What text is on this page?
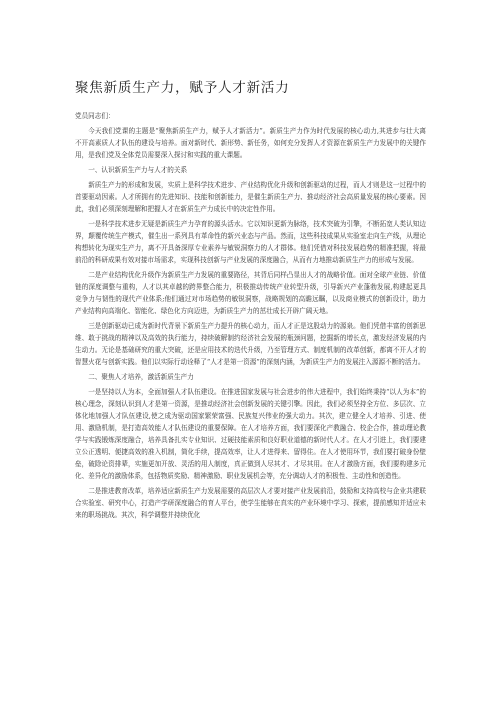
聚焦新质生产力，赋予人才新活力

党员同志们：

今天我们党课的主题是“聚焦新质生产力，赋予人才新活力”。新质生产力作为时代发展的核心动力,其进步与壮大离不开高素质人才队伍的建设与培养。面对新时代、新形势、新任务，如何充分发挥人才资源在新质生产力发展中的关键作用，是我们党及全体党员需要深入探讨和实践的重大课题。

一、认识新质生产力与人才的关系

新质生产力的形成和发展，实质上是科学技术进步、产业结构优化升级和创新驱动的过程，而人才则是这一过程中的首要驱动因素。人才所拥有的先进知识、技能和创新能力，是催生新质生产力、推动经济社会高质量发展的核心要素。因此，我们必须深刻理解和把握人才在新质生产力成长中的决定性作用。

一是科学技术进步无疑是新质生产力孕育的源头活水。它以知识更新为脉络，技术突破为引擎，不断拓宽人类认知边界，颠覆传统生产模式，催生出一系列具有革命性的新兴业态与产品。然而，这些科技成果从实验室走向生产线，从理论构想转化为现实生产力，离不开具备深厚专业素养与敏锐洞察力的人才群体。他们凭借对科技发展趋势的精准把握，将最前沿的科研成果有效对接市场需求，实现科技创新与产业发展的深度融合，从而有力地推动新质生产力的形成与发展。

二是产业结构优化升级作为新质生产力发展的重要路径，其背后同样凸显出人才的战略价值。面对全球产业链、价值链的深度调整与重构，人才以其卓越的跨界整合能力，积极推动传统产业转型升级，引导新兴产业蓬勃发展,构建起更具竞争力与韧性的现代产业体系;他们通过对市场趋势的敏锐洞察，战略规划的高瞻远瞩，以及商业模式的创新设计，助力产业结构向高端化、智能化、绿色化方向迈进，为新质生产力的茁壮成长开辟广阔天地。

三是创新驱动已成为新时代背景下新质生产力提升的核心动力，而人才正是这股动力的源泉。他们凭借丰富的创新思维、敢于挑战的精神以及高效的执行能力，持续破解制约经济社会发展的瓶颈问题，挖掘新的增长点，激发经济发展的内生动力。无论是基础研究的重大突破，还是应用技术的迭代升级，乃至管理方式、制度机制的改革创新，都离不开人才的智慧火花与创新实践。他们以实际行动诠释了“人才是第一资源”的深刻内涵，为新质生产力的发展注入源源不断的活力。

二、聚焦人才培养，激活新质生产力

一是坚持以人为本，全面加强人才队伍建设。在推进国家发展与社会进步的伟大进程中，我们始终秉持“以人为本”的核心理念，深刻认识到人才是第一资源，是推动经济社会创新发展的关键引擎。因此，我们必须坚持全方位、多层次、立体化地加强人才队伍建设,使之成为驱动国家繁荣富强、民族复兴伟业的强大动力。其次，建立健全人才培养、引进、使用、激励机制，是打造高效能人才队伍建设的重要保障。在人才培养方面，我们要深化产教融合、校企合作，推动理论教学与实践锻炼深度融合，培养具备扎实专业知识、过硬技能素质和良好职业道德的新时代人才。在人才引进上，我们要建立公正透明、便捷高效的准入机制，简化手续，提高效率，让人才进得来、留得住。在人才使用环节，我们要打破身份壁垒，破除论资排辈，实施更加开放、灵活的用人制度，真正做到人尽其才、才尽其用。在人才激励方面，我们要构建多元化、差异化的激励体系，包括物质奖励、精神激励、职业发展机会等，充分调动人才的积极性、主动性和创造性。

二是推进教育改革，培养适应新质生产力发展需要的高层次人才要对接产业发展前沿，鼓励和支持高校与企业共建联合实验室、研究中心，打造产学研深度融合的育人平台，使学生能够在真实的产业环境中学习、探索，提前感知并适应未来的职场挑战。其次，科学调整并持续优化
